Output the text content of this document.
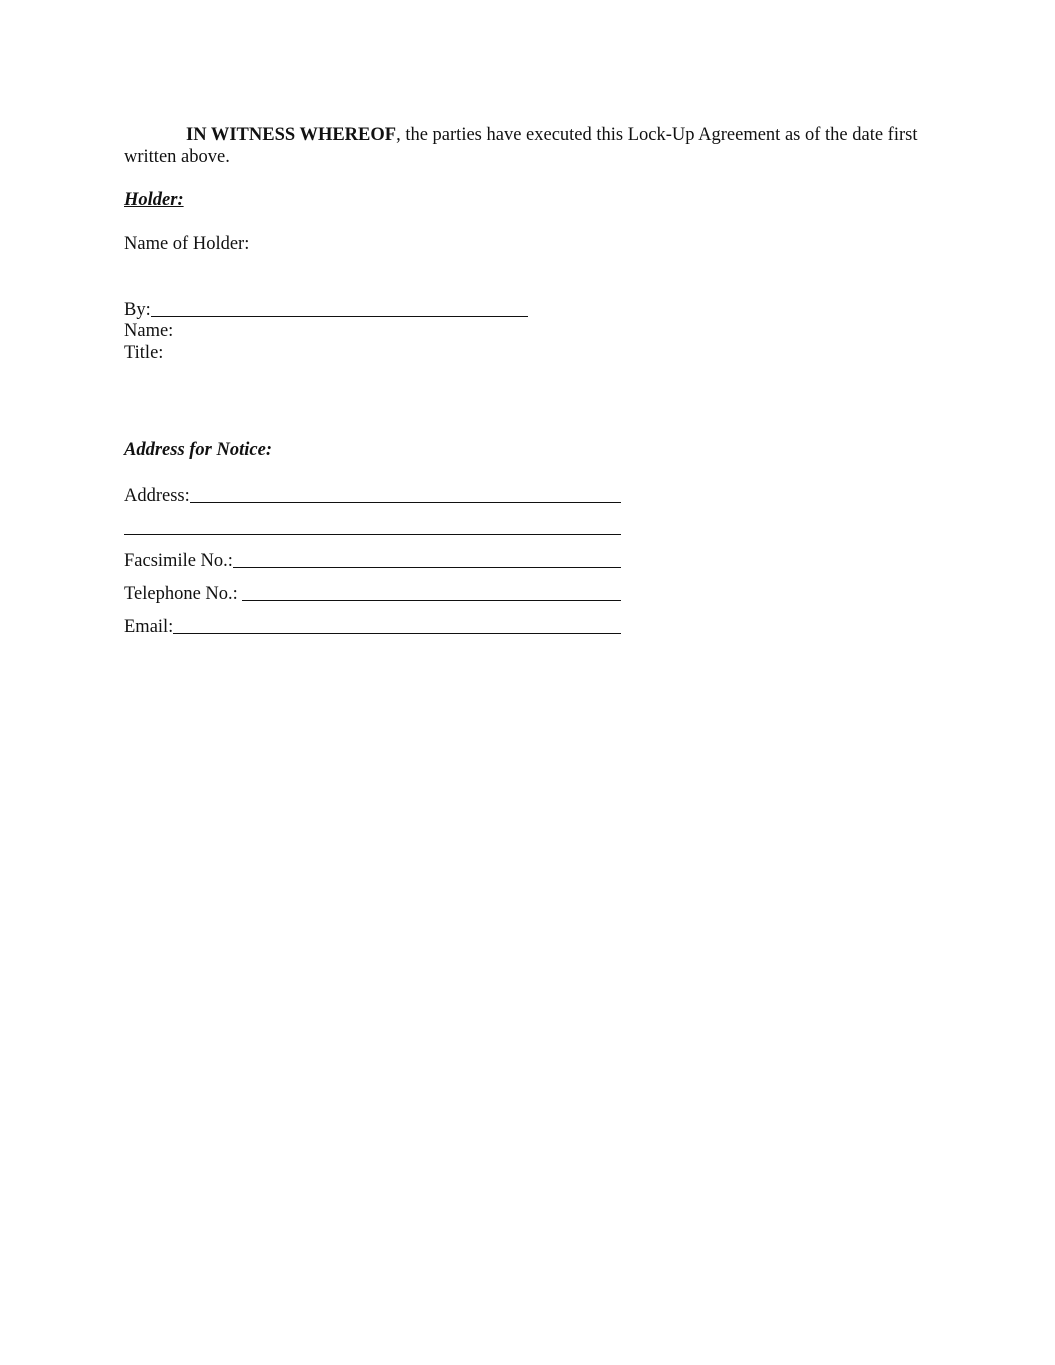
IN WITNESS WHEREOF, the parties have executed this Lock-Up Agreement as of the date first written above.
Holder:
Name of Holder:
By:
Name:
Title:
Address for Notice:
Address:
Facsimile No.:
Telephone No.:
Email:
